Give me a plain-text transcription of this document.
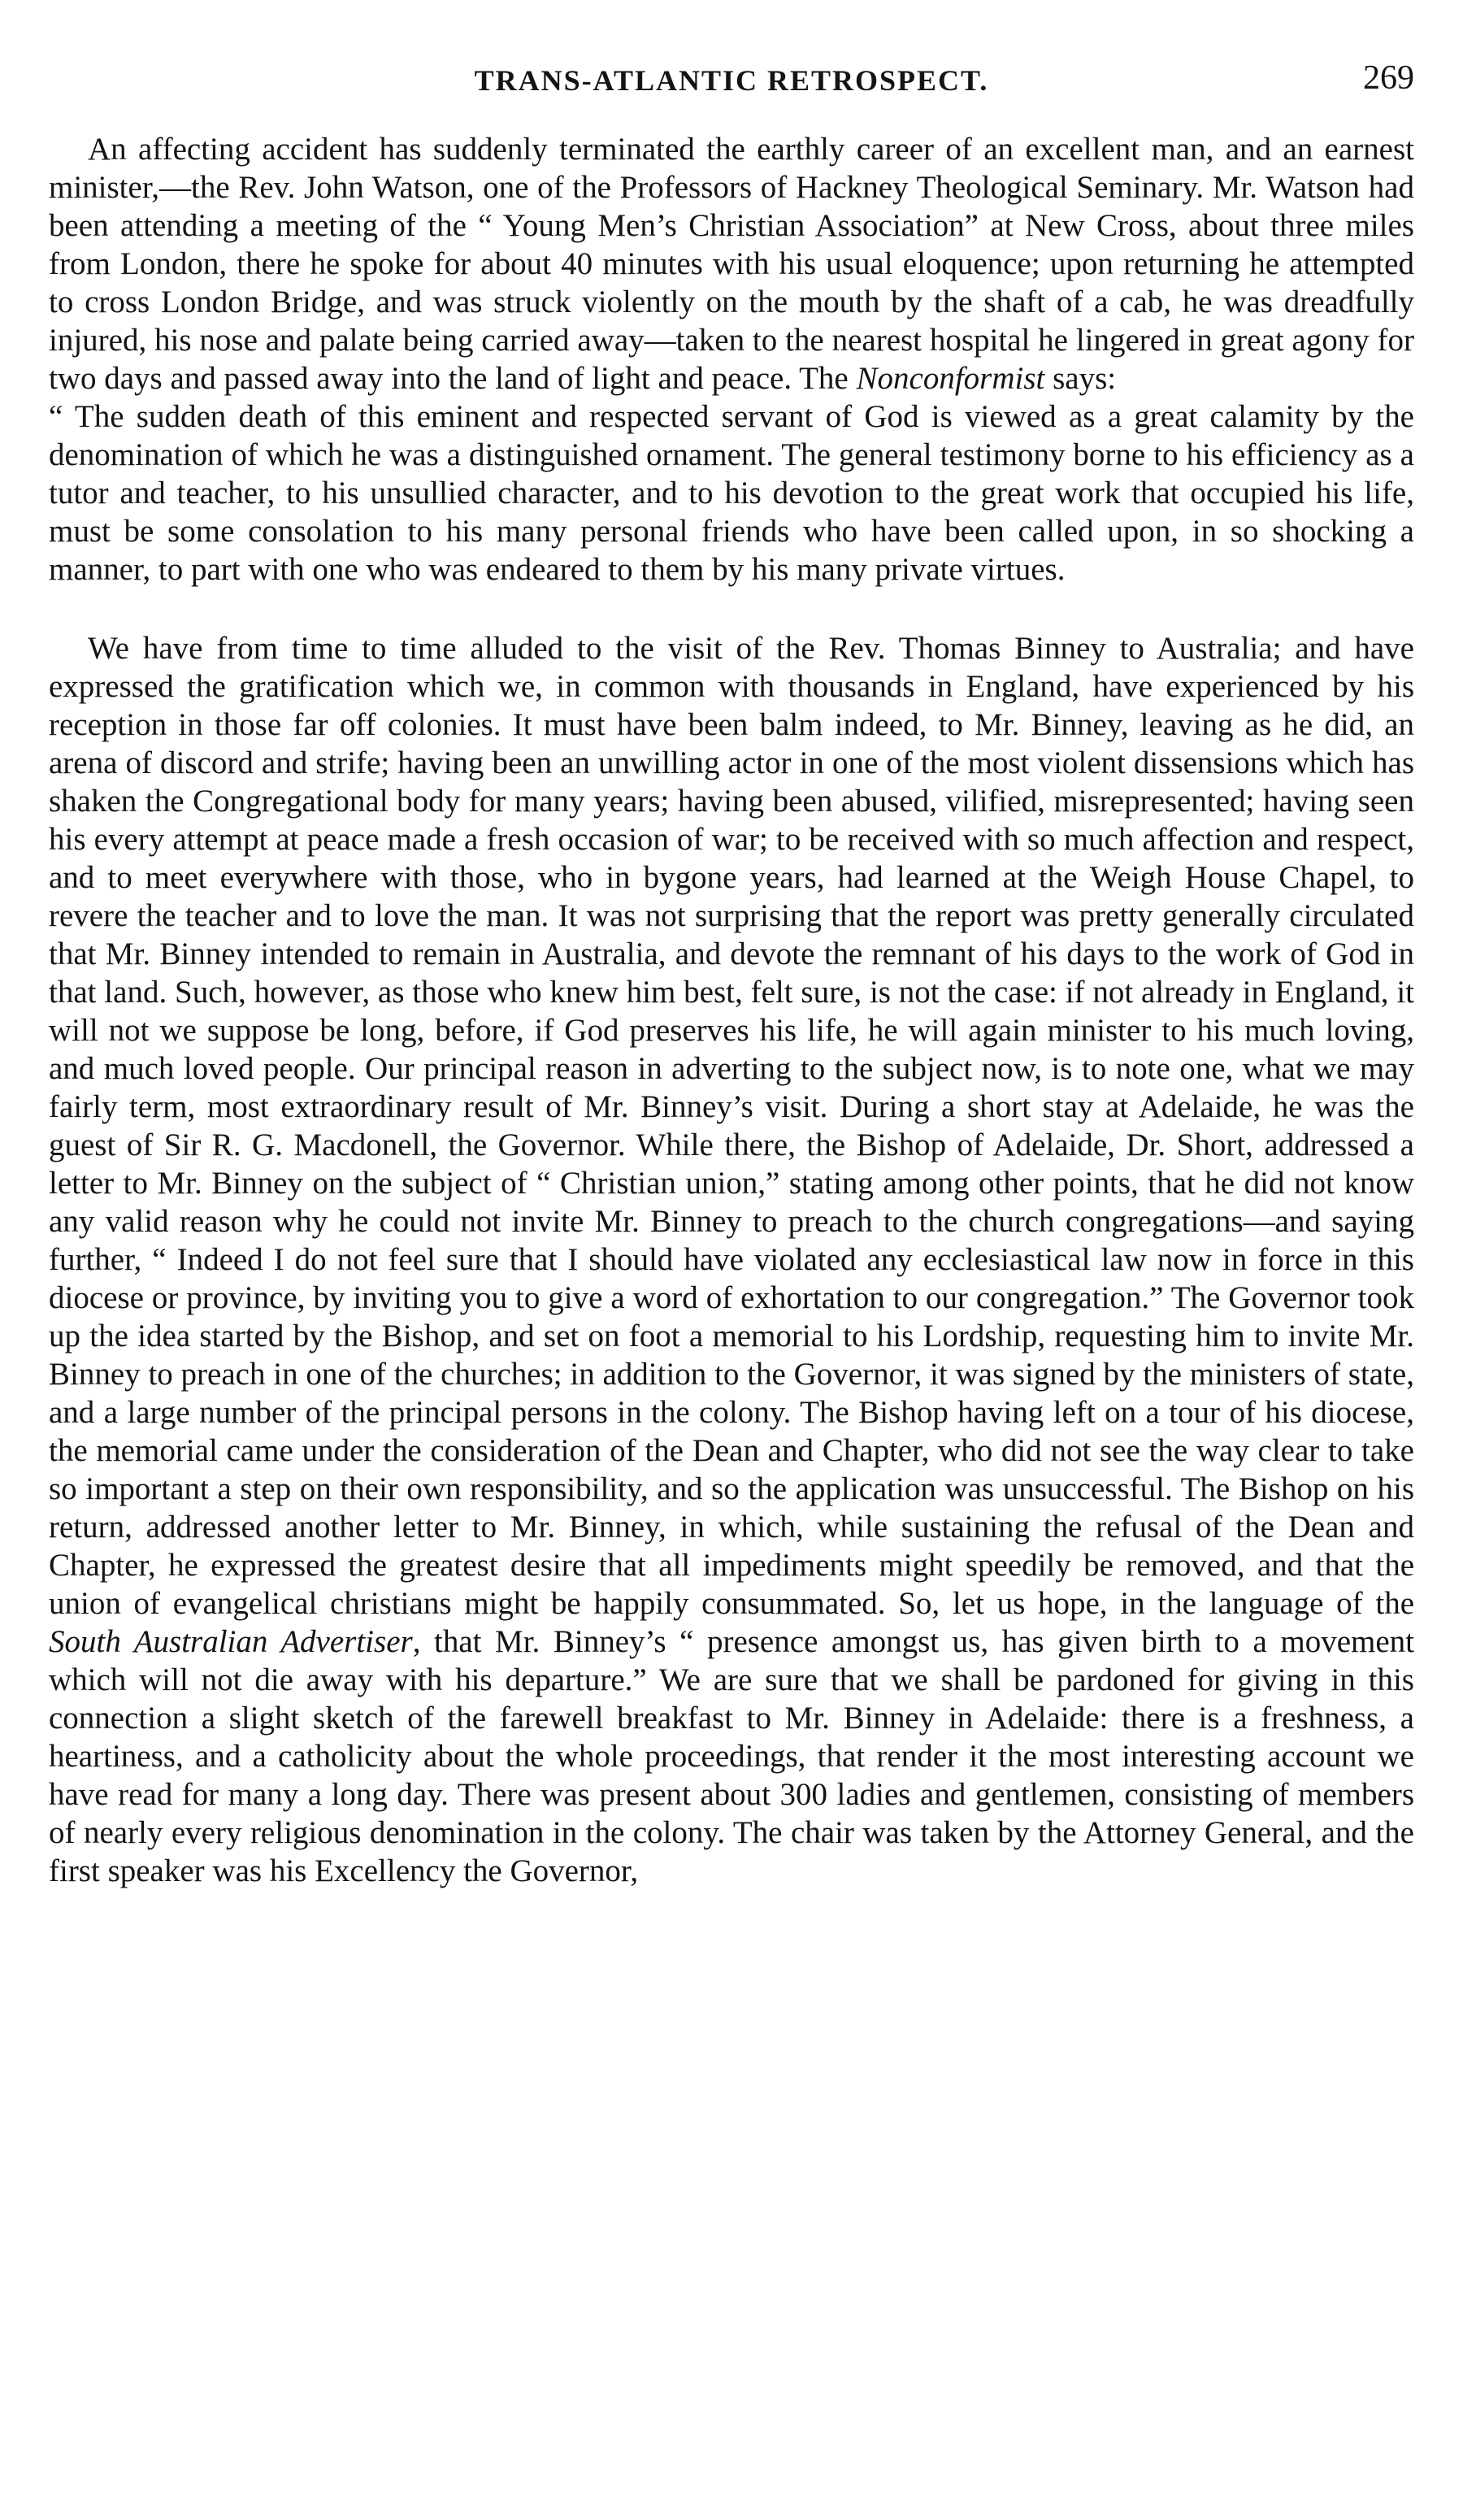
TRANS-ATLANTIC RETROSPECT.	269

An affecting accident has suddenly terminated the earthly career of an excellent man, and an earnest minister,—the Rev. John Watson, one of the Professors of Hackney Theological Seminary. Mr. Watson had been attending a meeting of the “ Young Men’s Christian Association” at New Cross, about three miles from London, there he spoke for about 40 minutes with his usual eloquence; upon returning he attempted to cross London Bridge, and was struck violently on the mouth by the shaft of a cab, he was dreadfully injured, his nose and palate being carried away—taken to the nearest hospital he lingered in great agony for two days and passed away into the land of light and peace. The Nonconformist says:

“ The sudden death of this eminent and respected servant of God is viewed as a great calamity by the denomination of which he was a distinguished ornament. The general testimony borne to his efficiency as a tutor and teacher, to his unsullied character, and to his devotion to the great work that occupied his life, must be some consolation to his many personal friends who have been called upon, in so shocking a manner, to part with one who was endeared to them by his many private virtues.

We have from time to time alluded to the visit of the Rev. Thomas Binney to Australia; and have expressed the gratification which we, in common with thousands in England, have experienced by his reception in those far off colonies. It must have been balm indeed, to Mr. Binney, leaving as he did, an arena of discord and strife; having been an unwilling actor in one of the most violent dissensions which has shaken the Congregational body for many years; having been abused, vilified, misrepresented; having seen his every attempt at peace made a fresh occasion of war; to be received with so much affection and respect, and to meet everywhere with those, who in bygone years, had learned at the Weigh House Chapel, to revere the teacher and to love the man. It was not surprising that the report was pretty generally circulated that Mr. Binney intended to remain in Australia, and devote the remnant of his days to the work of God in that land. Such, however, as those who knew him best, felt sure, is not the case: if not already in England, it will not we suppose be long, before, if God preserves his life, he will again minister to his much loving, and much loved people. Our principal reason in adverting to the subject now, is to note one, what we may fairly term, most extraordinary result of Mr. Binney’s visit. During a short stay at Adelaide, he was the guest of Sir R. G. Macdonell, the Governor. While there, the Bishop of Adelaide, Dr. Short, addressed a letter to Mr. Binney on the subject of “ Christian union,” stating among other points, that he did not know any valid reason why he could not invite Mr. Binney to preach to the church congregations—and saying further, “ Indeed I do not feel sure that I should have violated any ecclesiastical law now in force in this diocese or province, by inviting you to give a word of exhortation to our congregation.” The Governor took up the idea started by the Bishop, and set on foot a memorial to his Lordship, requesting him to invite Mr. Binney to preach in one of the churches; in addition to the Governor, it was signed by the ministers of state, and a large number of the principal persons in the colony. The Bishop having left on a tour of his diocese, the memorial came under the consideration of the Dean and Chapter, who did not see the way clear to take so important a step on their own responsibility, and so the application was unsuccessful. The Bishop on his return, addressed another letter to Mr. Binney, in which, while sustaining the refusal of the Dean and Chapter, he expressed the greatest desire that all impediments might speedily be removed, and that the union of evangelical christians might be happily consummated. So, let us hope, in the language of the South Australian Advertiser, that Mr. Binney’s “ presence amongst us, has given birth to a movement which will not die away with his departure.” We are sure that we shall be pardoned for giving in this connection a slight sketch of the farewell breakfast to Mr. Binney in Adelaide: there is a freshness, a heartiness, and a catholicity about the whole proceedings, that render it the most interesting account we have read for many a long day. There was present about 300 ladies and gentlemen, consisting of members of nearly every religious denomination in the colony. The chair was taken by the Attorney General, and the first speaker was his Excellency the Governor,
